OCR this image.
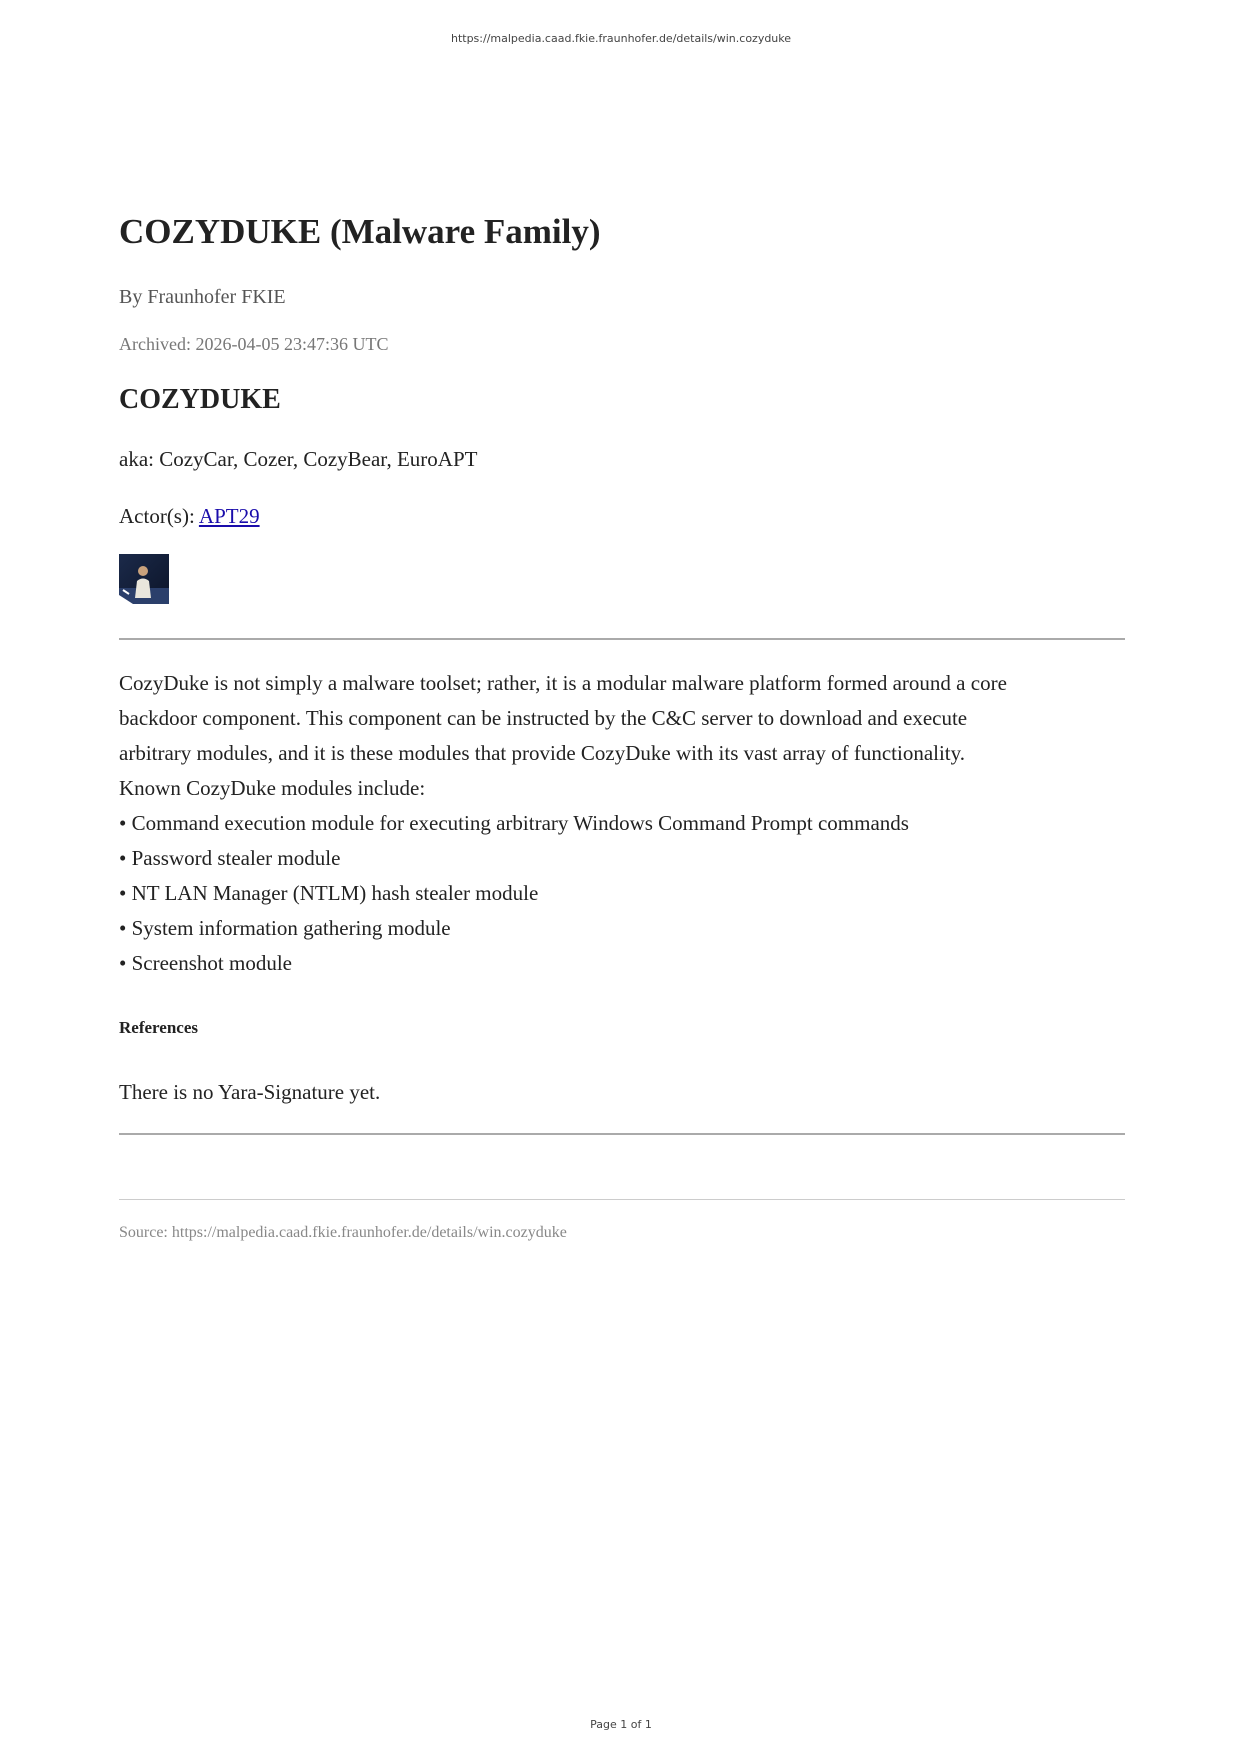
https://malpedia.caad.fkie.fraunhofer.de/details/win.cozyduke
COZYDUKE (Malware Family)

By Fraunhofer FKIE

Archived: 2026-04-05 23:47:36 UTC

COZYDUKE

aka: CozyCar, Cozer, CozyBear, EuroAPT

Actor(s): APT29

CozyDuke is not simply a malware toolset; rather, it is a modular malware platform formed around a core backdoor component. This component can be instructed by the C&C server to download and execute arbitrary modules, and it is these modules that provide CozyDuke with its vast array of functionality. Known CozyDuke modules include:

• Command execution module for executing arbitrary Windows Command Prompt commands
• Password stealer module
• NT LAN Manager (NTLM) hash stealer module
• System information gathering module
• Screenshot module
References

There is no Yara-Signature yet.

Source: https://malpedia.caad.fkie.fraunhofer.de/details/win.cozyduke

Page 1 of 1
